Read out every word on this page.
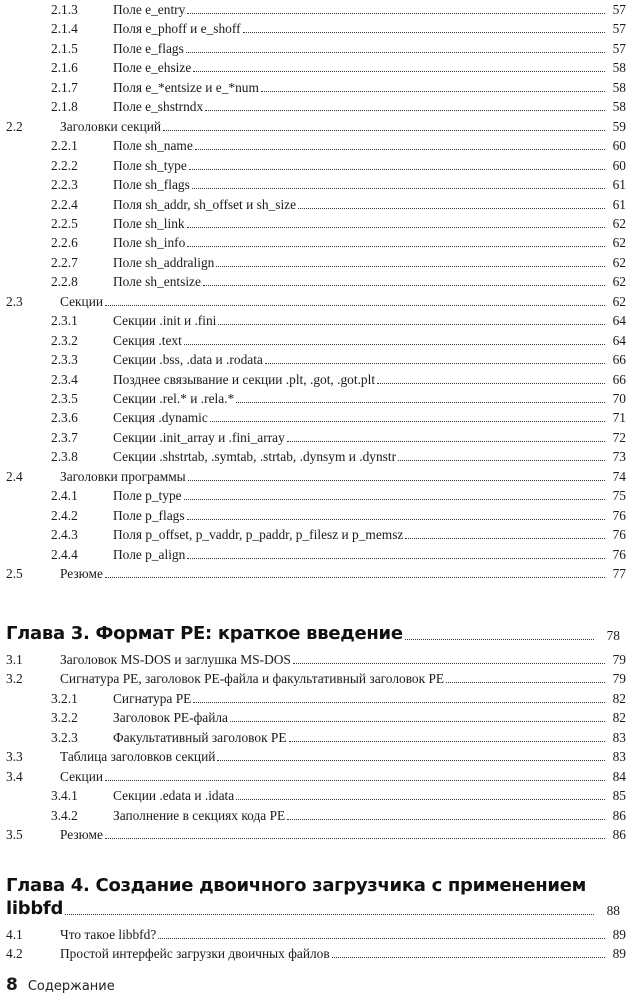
2.1.3	Поле e_entry	57
2.1.4	Поля e_phoff и e_shoff	57
2.1.5	Поле e_flags	57
2.1.6	Поле e_ehsize	58
2.1.7	Поля e_*entsize и e_*num	58
2.1.8	Поле e_shstrndx	58
2.2	Заголовки секций	59
2.2.1	Поле sh_name	60
2.2.2	Поле sh_type	60
2.2.3	Поле sh_flags	61
2.2.4	Поля sh_addr, sh_offset и sh_size	61
2.2.5	Поле sh_link	62
2.2.6	Поле sh_info	62
2.2.7	Поле sh_addralign	62
2.2.8	Поле sh_entsize	62
2.3	Секции	62
2.3.1	Секции .init и .fini	64
2.3.2	Секция .text	64
2.3.3	Секции .bss, .data и .rodata	66
2.3.4	Позднее связывание и секции .plt, .got, .got.plt	66
2.3.5	Секции .rel.* и .rela.*	70
2.3.6	Секция .dynamic	71
2.3.7	Секции .init_array и .fini_array	72
2.3.8	Секции .shstrtab, .symtab, .strtab, .dynsym и .dynstr	73
2.4	Заголовки программы	74
2.4.1	Поле p_type	75
2.4.2	Поле p_flags	76
2.4.3	Поля p_offset, p_vaddr, p_paddr, p_filesz и p_memsz	76
2.4.4	Поле p_align	76
2.5	Резюме	77
Глава 3. Формат PE: краткое введение	78
3.1	Заголовок MS-DOS и заглушка MS-DOS	79
3.2	Сигнатура PE, заголовок PE-файла и факультативный заголовок PE	79
3.2.1	Сигнатура PE	82
3.2.2	Заголовок PE-файла	82
3.2.3	Факультативный заголовок PE	83
3.3	Таблица заголовков секций	83
3.4	Секции	84
3.4.1	Секции .edata и .idata	85
3.4.2	Заполнение в секциях кода PE	86
3.5	Резюме	86
Глава 4. Создание двоичного загрузчика с применением
libbfd	88
4.1	Что такое libbfd?	89
4.2	Простой интерфейс загрузки двоичных файлов	89
8 Содержание
